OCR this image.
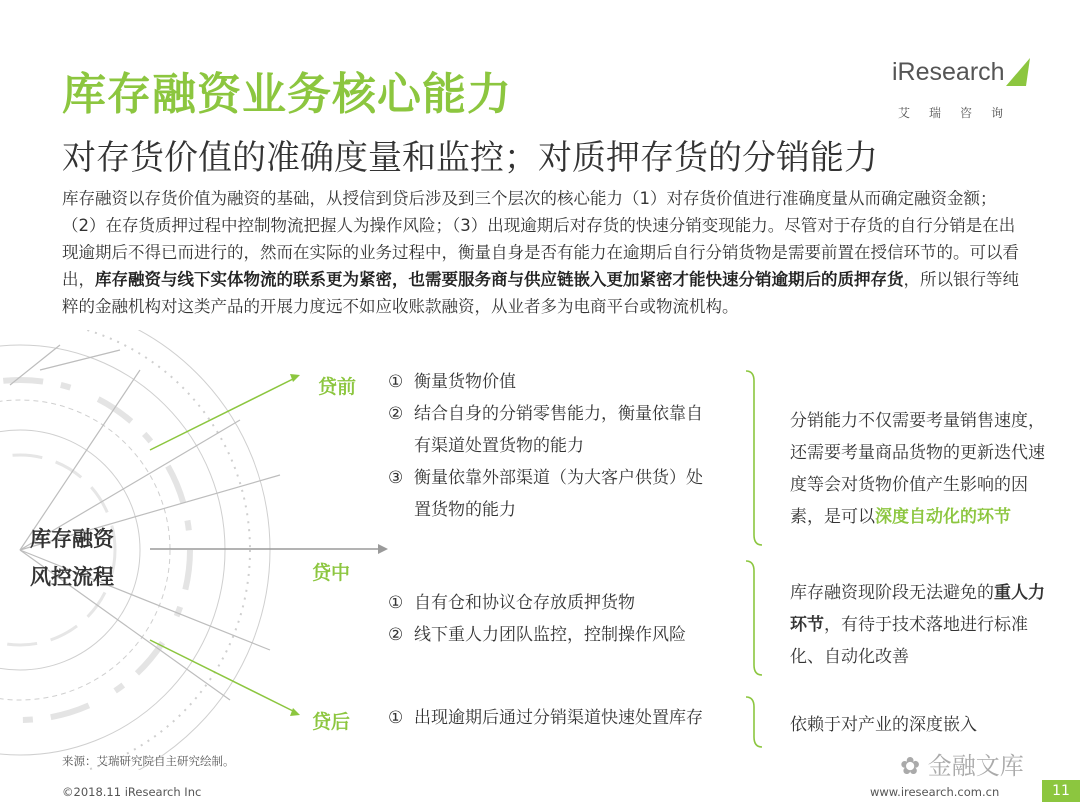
库存融资业务核心能力	iResearch
艾瑞咨询
对存货价值的准确度量和监控；对质押存货的分销能力
库存融资以存货价值为融资的基础，从授信到贷后涉及到三个层次的核心能力（1）对存货价值进行准确度量从而确定融资金额；（2）在存货质押过程中控制物流把握人为操作风险；（3）出现逾期后对存货的快速分销变现能力。尽管对于存货的自行分销是在出现逾期后不得已而进行的，然而在实际的业务过程中，衡量自身是否有能力在逾期后自行分销货物是需要前置在授信环节的。可以看出，库存融资与线下实体物流的联系更为紧密，也需要服务商与供应链嵌入更加紧密才能快速分销逾期后的质押存货，所以银行等纯粹的金融机构对这类产品的开展力度远不如应收账款融资，从业者多为电商平台或物流机构。
库存融资
风控流程
贷前 ① 衡量货物价值
② 结合自身的分销零售能力，衡量依靠自
有渠道处置货物的能力
③ 衡量依靠外部渠道（为大客户供货）处
置货物的能力
分销能力不仅需要考量销售速度，还需要考量商品货物的更新迭代速度等会对货物价值产生影响的因素，是可以深度自动化的环节
贷中
① 自有仓和协议仓存放质押货物
② 线下重人力团队监控，控制操作风险
库存融资现阶段无法避免的重人力环节，有待于技术落地进行标准化、自动化改善
贷后 ① 出现逾期后通过分销渠道快速处置库存	依赖于对产业的深度嵌入
来源：艾瑞研究院自主研究绘制。
©2018.11 iResearch Inc	www.iresearch.com.cn
✿ 金融文库
11
